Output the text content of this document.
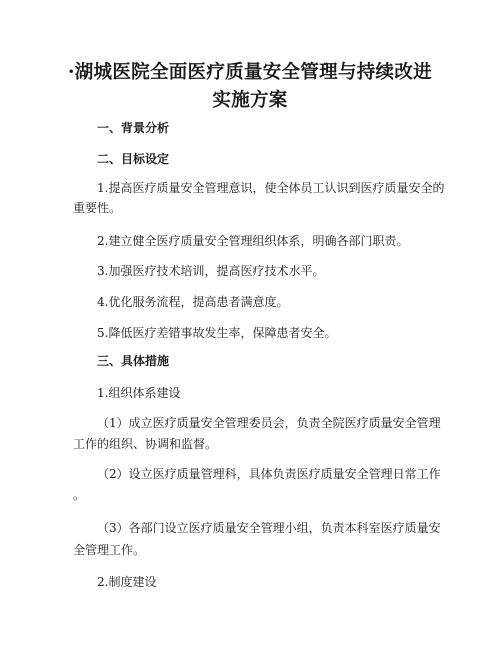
·湖城医院全面医疗质量安全管理与持续改进
实施方案
一、背景分析
二、目标设定
1.提高医疗质量安全管理意识，使全体员工认识到医疗质量安全的
重要性。
2.建立健全医疗质量安全管理组织体系，明确各部门职责。
3.加强医疗技术培训，提高医疗技术水平。
4.优化服务流程，提高患者满意度。
5.降低医疗差错事故发生率，保障患者安全。
三、具体措施
1.组织体系建设
（1）成立医疗质量安全管理委员会，负责全院医疗质量安全管理
工作的组织、协调和监督。
（2）设立医疗质量管理科，具体负责医疗质量安全管理日常工作
。
（3）各部门设立医疗质量安全管理小组，负责本科室医疗质量安
全管理工作。
2.制度建设
